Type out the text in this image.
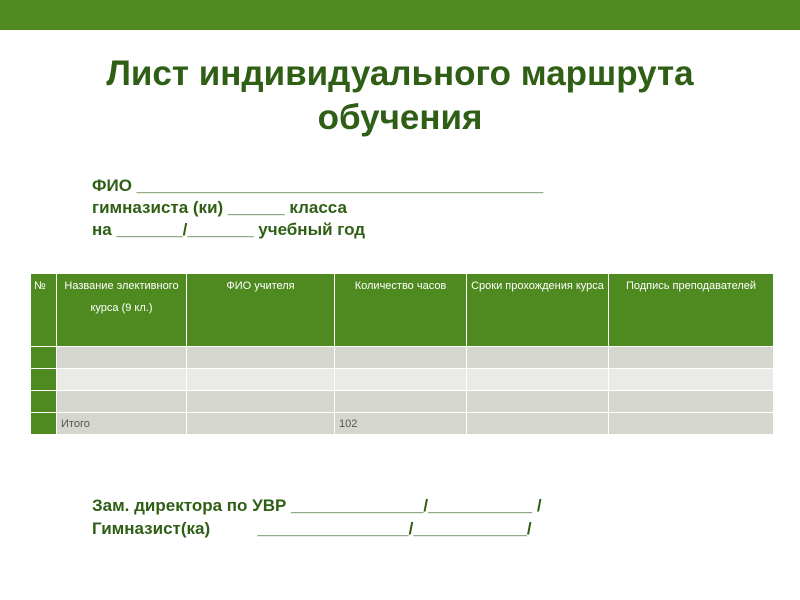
Лист индивидуального маршрута
обучения
ФИО ___________________________________________
гимназиста (ки) ______ класса
на _______/_______ учебный год
№	Название элективного курса (9 кл.)	ФИО учителя	Количество часов	Сроки прохождения курса	Подпись преподавателей

	Итого		102		
Зам. директора по УВР ______________/___________ /
Гимназист(ка)          ________________/____________/
